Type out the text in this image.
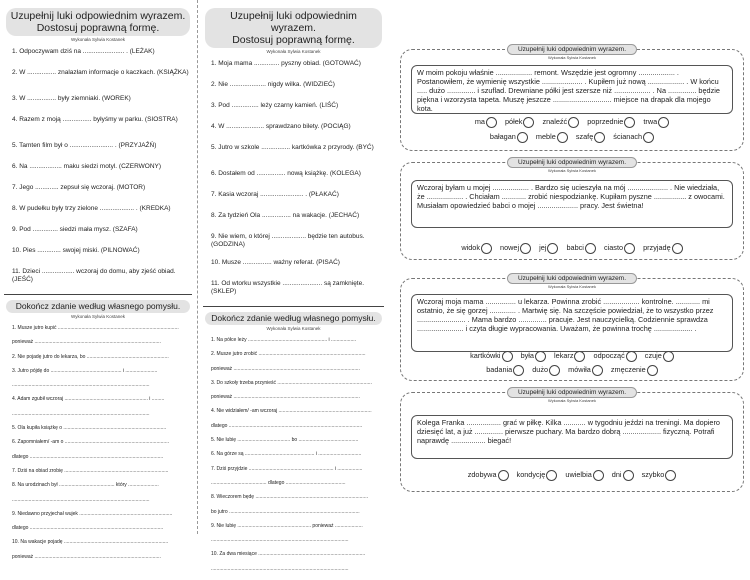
Uzupełnij luki odpowiednim wyrazem.
Dostosuj poprawną formę.
Wykonała Sylwia Kostanek
1. Odpoczywam dziś na ....................... . (LEŻAK)
2. W ................ znalazłam informacje o kaczkach. (KSIĄŻKA)
3. W ................ były ziemniaki. (WOREK)
4. Razem z moją ................ byłyśmy w parku. (SIOSTRA)
5. Tamten film był o ........................ . (PRZYJAŹŃ)
6. Na .................. maku siedzi motyl. (CZERWONY)
7. Jego ............. zepsuł się wczoraj. (MOTOR)
8. W pudełku były trzy zielone ................... . (KREDKA)
9. Pod .............. siedzi mała mysz. (SZAFA)
10. Pies ............. swojej miski. (PILNOWAĆ)
11. Dzieci .................. wczoraj do domu, aby zjeść obiad. (JEŚĆ)
Dokończ zdanie według własnego pomysłu.
Wykonała Sylwia Kostanek
1. Musze jutro kupić .......................................................................................
ponieważ ...........................................................................................
2. Nie pojadę jutro do lekarza, bo ...........................................................
3. Jutro pójdę do ................................................... i .......................
...................................................................................................
4. Adam zgubił wczoraj ............................................................ i .........
...................................................................................................
5. Ola kupiła książkę o ..........................................................................
6. Zapomniałem/ -am o ...........................................................................
dlatego ................................................................................................
7. Dziś na obiad zrobię ...........................................................................
8. Na urodzinach był ........................................ który ......................
...................................................................................................
9. Niedawno przyjechał wujek ...................................................................
dlatego ................................................................................................
10. Na wakacje pojadę ...........................................................................
ponieważ ...........................................................................................
Uzupełnij luki odpowiednim wyrazem.
Dostosuj poprawną formę.
Wykonała Sylwia Kostanek
1. Moja mama .............. pyszny obiad. (GOTOWAĆ)
2. Nie .................... nigdy wilka. (WIDZIEĆ)
3. Pod ............... leży czarny kamień. (LIŚĆ)
4. W ..................... sprawdzano bilety. (POCIĄG)
5. Jutro w szkole ................ kartkówka z przyrody. (BYĆ)
6. Dostałem od ................ nową książkę. (KOLEGA)
7. Kasia wczoraj ........................ . (PŁAKAĆ)
8. Za tydzień Ola ................ na wakacje. (JECHAĆ)
9. Nie wiem, o której ................... będzie ten autobus. (GODZINA)
10. Musze ................ ważny referat. (PISAĆ)
11. Od wtorku wszystkie ...................... są zamknięte. (SKLEP)
Dokończ zdanie według własnego pomysłu.
Wykonała Sylwia Kostanek
1. Na półce leży ......................................................... i ..................
2. Musze jutro zrobić .............................................................................
ponieważ ...........................................................................................
3. Do szkoły trzeba przynieść ....................................................................
ponieważ ...........................................................................................
4. Nie widziałem/ -am wczoraj ...................................................................
dlatego ................................................................................................
5. Nie lubię ...................................... bo ...........................................
6. Na górze są .................................................. i ...............................
7. Dziś przyjdzie ............................................................. i ..................
........................................ dlatego ...........................................
8. Wieczorem będę .................................................................................
bo jutro ..............................................................................................
9. Nie lubię ..................................................... ponieważ ....................
...................................................................................................
10. Za dwa miesiące .............................................................................
...................................................................................................
Uzupełnij luki odpowiednim wyrazem.
Wykonała Sylwia Kostanek
W moim pokoju właśnie .................. remont. Wszędzie jest ogromny .................. . Postanowiłem, że wymienię wszystkie .................... . Kupiłem już nową .................. . W końcu ..... dużo .............. i szuflad. Drewniane półki jest szersze niż .................. . Na .............. będzie piękna i wzorzysta tapeta. Muszę jeszcze ............................. miejsce na drapak dla mojego kota.
ma	półek	znaleźć	poprzednie	trwa
bałagan	meble	szafę	ścianach
Uzupełnij luki odpowiednim wyrazem.
Wykonała Sylwia Kostanek
Wczoraj byłam u mojej .................. . Bardzo się ucieszyła na mój .................... . Nie wiedziała, że .................. . Chciałam ............ zrobić niespodziankę. Kupiłam pyszne ................ z owocami. Musiałam opowiedzieć babci o mojej .................... pracy. Jest świetna!
widok	nowej	jej	babci	ciasto	przyjadę
Uzupełnij luki odpowiednim wyrazem.
Wykonała Sylwia Kostanek
Wczoraj moja mama ............... u lekarza. Powinna zrobić .................. kontrolne. ............ mi ostatnio, że się gorzej ............. . Martwię się. Na szczęście powiedział, że to wszystko przez ........................ . Mama bardzo .............. pracuje. Jest nauczycielką. Codziennie sprawdza ....................... i czyta długie wypracowania. Uważam, że powinna trochę ................... .
kartkówki	była	lekarz	odpocząć	czuje
badania	dużo	mówiła	zmęczenie
Uzupełnij luki odpowiednim wyrazem.
Wykonała Sylwia Kostanek
Kolega Franka ................. grać w piłkę. Kilka ........... w tygodniu jeździ na treningi. Ma dopiero dziesięć lat, a już .............. pierwsze puchary. Ma bardzo dobrą ................... fizyczną. Potrafi naprawdę ................. biegać!
zdobywa	kondycję	uwielbia	dni	szybko
